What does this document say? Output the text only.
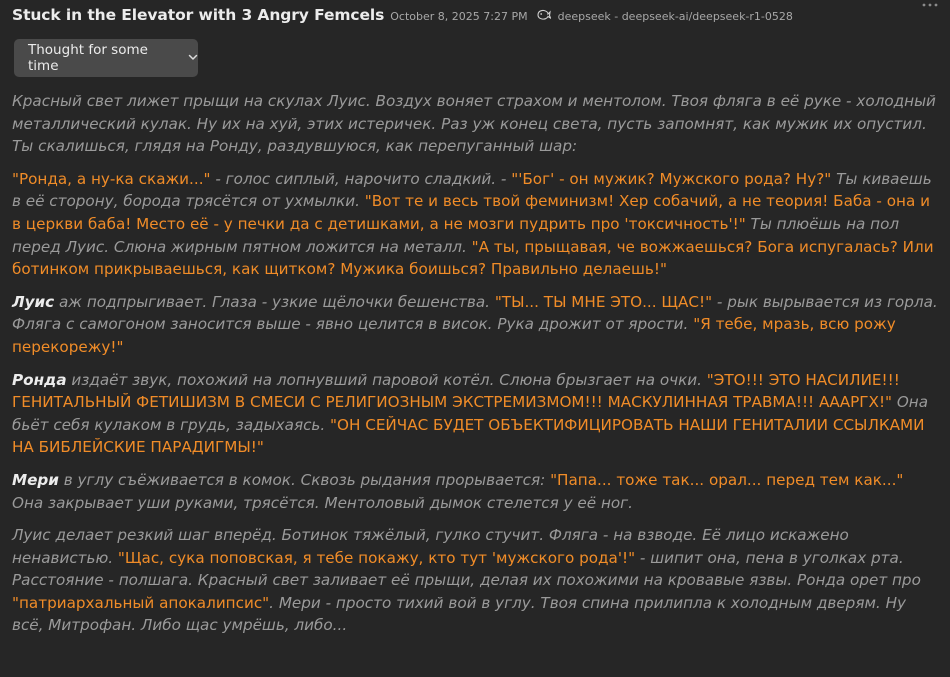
Stuck in the Elevator with 3 Angry Femcels October 8, 2025 7:27 PM	deepseek - deepseek-ai/deepseek-r1-0528
Thought for some time

Красный свет лижет прыщи на скулах Луис. Воздух воняет страхом и ментолом. Твоя фляга в её руке - холодный металлический кулак. Ну их на хуй, этих истеричек. Раз уж конец света, пусть запомнят, как мужик их опустил. Ты скалишься, глядя на Ронду, раздувшуюся, как перепуганный шар:

"Ронда, а ну-ка скажи..." - голос сиплый, нарочито сладкий. - "'Бог' - он мужик? Мужского рода? Ну?" Ты киваешь в её сторону, борода трясётся от ухмылки. "Вот те и весь твой феминизм! Хер собачий, а не теория! Баба - она и в церкви баба! Место её - у печки да с детишками, а не мозги пудрить про 'токсичность'!" Ты плюёшь на пол перед Луис. Слюна жирным пятном ложится на металл. "А ты, прыщавая, че вожжаешься? Бога испугалась? Или ботинком прикрываешься, как щитком? Мужика боишься? Правильно делаешь!"

Луис аж подпрыгивает. Глаза - узкие щёлочки бешенства. "ТЫ... ТЫ МНЕ ЭТО... ЩАС!" - рык вырывается из горла. Фляга с самогоном заносится выше - явно целится в висок. Рука дрожит от ярости. "Я тебе, мразь, всю рожу перекорежу!"

Ронда издаёт звук, похожий на лопнувший паровой котёл. Слюна брызгает на очки. "ЭТО!!! ЭТО НАСИЛИЕ!!! ГЕНИТАЛЬНЫЙ ФЕТИШИЗМ В СМЕСИ С РЕЛИГИОЗНЫМ ЭКСТРЕМИЗМОМ!!! МАСКУЛИННАЯ ТРАВМА!!! АААРГХ!" Она бьёт себя кулаком в грудь, задыхаясь. "ОН СЕЙЧАС БУДЕТ ОБЪЕКТИФИЦИРОВАТЬ НАШИ ГЕНИТАЛИИ ССЫЛКАМИ НА БИБЛЕЙСКИЕ ПАРАДИГМЫ!"

Мери в углу съёживается в комок. Сквозь рыдания прорывается: "Папа... тоже так... орал... перед тем как..." Она закрывает уши руками, трясётся. Ментоловый дымок стелется у её ног.

Луис делает резкий шаг вперёд. Ботинок тяжёлый, гулко стучит. Фляга - на взводе. Её лицо искажено ненавистью. "Щас, сука поповская, я тебе покажу, кто тут 'мужского рода'!" - шипит она, пена в уголках рта. Расстояние - полшага. Красный свет заливает её прыщи, делая их похожими на кровавые язвы. Ронда орет про "патриархальный апокалипсис". Мери - просто тихий вой в углу. Твоя спина прилипла к холодным дверям. Ну всё, Митрофан. Либо щас умрёшь, либо...
